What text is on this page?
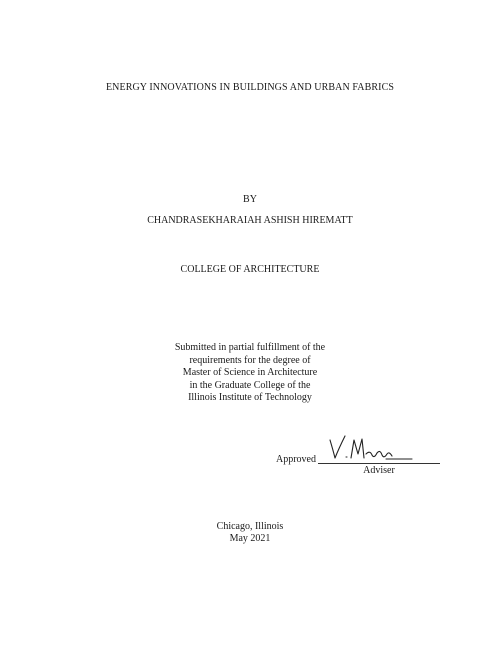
ENERGY INNOVATIONS IN BUILDINGS AND URBAN FABRICS
BY
CHANDRASEKHARAIAH ASHISH HIREMATT
COLLEGE OF ARCHITECTURE
Submitted in partial fulfillment of the
requirements for the degree of
Master of Science in Architecture
in the Graduate College of the
Illinois Institute of Technology
Approved
Adviser
Chicago, Illinois
May 2021
